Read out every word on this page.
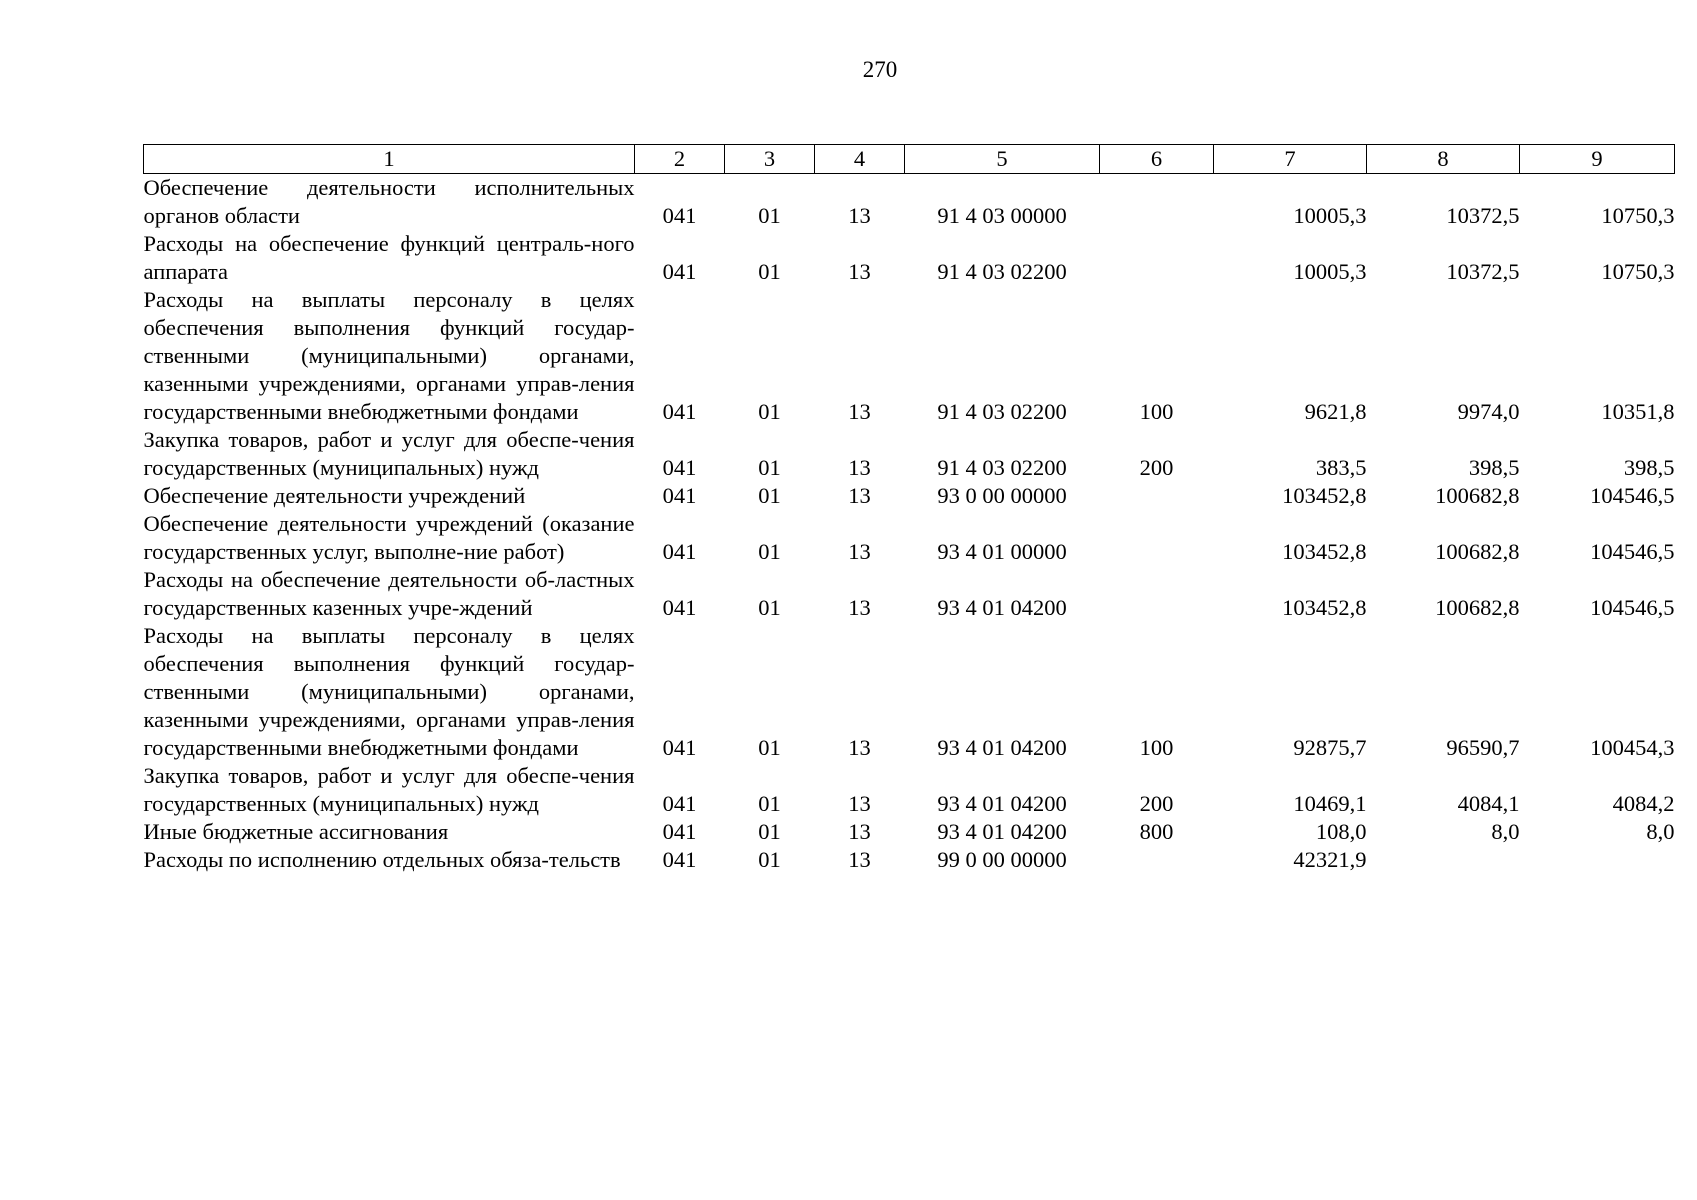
270
1	2	3	4	5	6	7	8	9
Обеспечение деятельности исполнительных органов области	041	01	13	91 4 03 00000		10005,3	10372,5	10750,3
Расходы на обеспечение функций централь-ного аппарата	041	01	13	91 4 03 02200		10005,3	10372,5	10750,3
Расходы на выплаты персоналу в целях обеспечения выполнения функций государ-ственными (муниципальными) органами, казенными учреждениями, органами управ-ления государственными внебюджетными фондами	041	01	13	91 4 03 02200	100	9621,8	9974,0	10351,8
Закупка товаров, работ и услуг для обеспе-чения государственных (муниципальных) нужд	041	01	13	91 4 03 02200	200	383,5	398,5	398,5
Обеспечение деятельности учреждений	041	01	13	93 0 00 00000		103452,8	100682,8	104546,5
Обеспечение деятельности учреждений (оказание государственных услуг, выполне-ние работ)	041	01	13	93 4 01 00000		103452,8	100682,8	104546,5
Расходы на обеспечение деятельности об-ластных государственных казенных учре-ждений	041	01	13	93 4 01 04200		103452,8	100682,8	104546,5
Расходы на выплаты персоналу в целях обеспечения выполнения функций государ-ственными (муниципальными) органами, казенными учреждениями, органами управ-ления государственными внебюджетными фондами	041	01	13	93 4 01 04200	100	92875,7	96590,7	100454,3
Закупка товаров, работ и услуг для обеспе-чения государственных (муниципальных) нужд	041	01	13	93 4 01 04200	200	10469,1	4084,1	4084,2
Иные бюджетные ассигнования	041	01	13	93 4 01 04200	800	108,0	8,0	8,0
Расходы по исполнению отдельных обяза-тельств	041	01	13	99 0 00 00000		42321,9		
